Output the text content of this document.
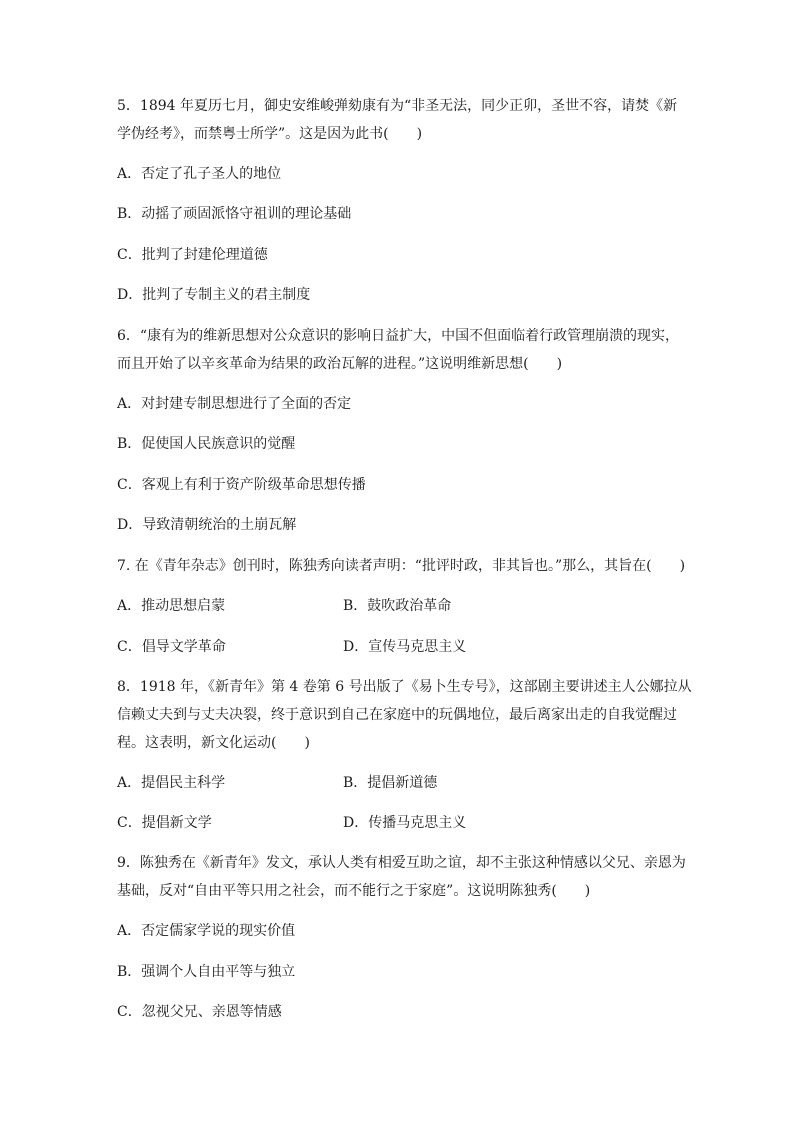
5．1894 年夏历七月，御史安维峻弹劾康有为“非圣无法，同少正卯，圣世不容，请焚《新
学伪经考》，而禁粤士所学”。这是因为此书(　　)
A．否定了孔子圣人的地位
B．动摇了顽固派恪守祖训的理论基础
C．批判了封建伦理道德
D．批判了专制主义的君主制度
6．“康有为的维新思想对公众意识的影响日益扩大，中国不但面临着行政管理崩溃的现实，
而且开始了以辛亥革命为结果的政治瓦解的进程。”这说明维新思想(　　)
A．对封建专制思想进行了全面的否定
B．促使国人民族意识的觉醒
C．客观上有利于资产阶级革命思想传播
D．导致清朝统治的土崩瓦解
7. 在《青年杂志》创刊时，陈独秀向读者声明：“批评时政，非其旨也。”那么，其旨在(　　)
A．推动思想启蒙	B．鼓吹政治革命
C．倡导文学革命	D．宣传马克思主义
8．1918 年，《新青年》第 4 卷第 6 号出版了《易卜生专号》，这部剧主要讲述主人公娜拉从
信赖丈夫到与丈夫决裂，终于意识到自己在家庭中的玩偶地位，最后离家出走的自我觉醒过
程。这表明，新文化运动(　　)
A．提倡民主科学	B．提倡新道德
C．提倡新文学	D．传播马克思主义
9．陈独秀在《新青年》发文，承认人类有相爱互助之谊，却不主张这种情感以父兄、亲恩为
基础，反对“自由平等只用之社会，而不能行之于家庭”。这说明陈独秀(　　)
A．否定儒家学说的现实价值
B．强调个人自由平等与独立
C．忽视父兄、亲恩等情感
